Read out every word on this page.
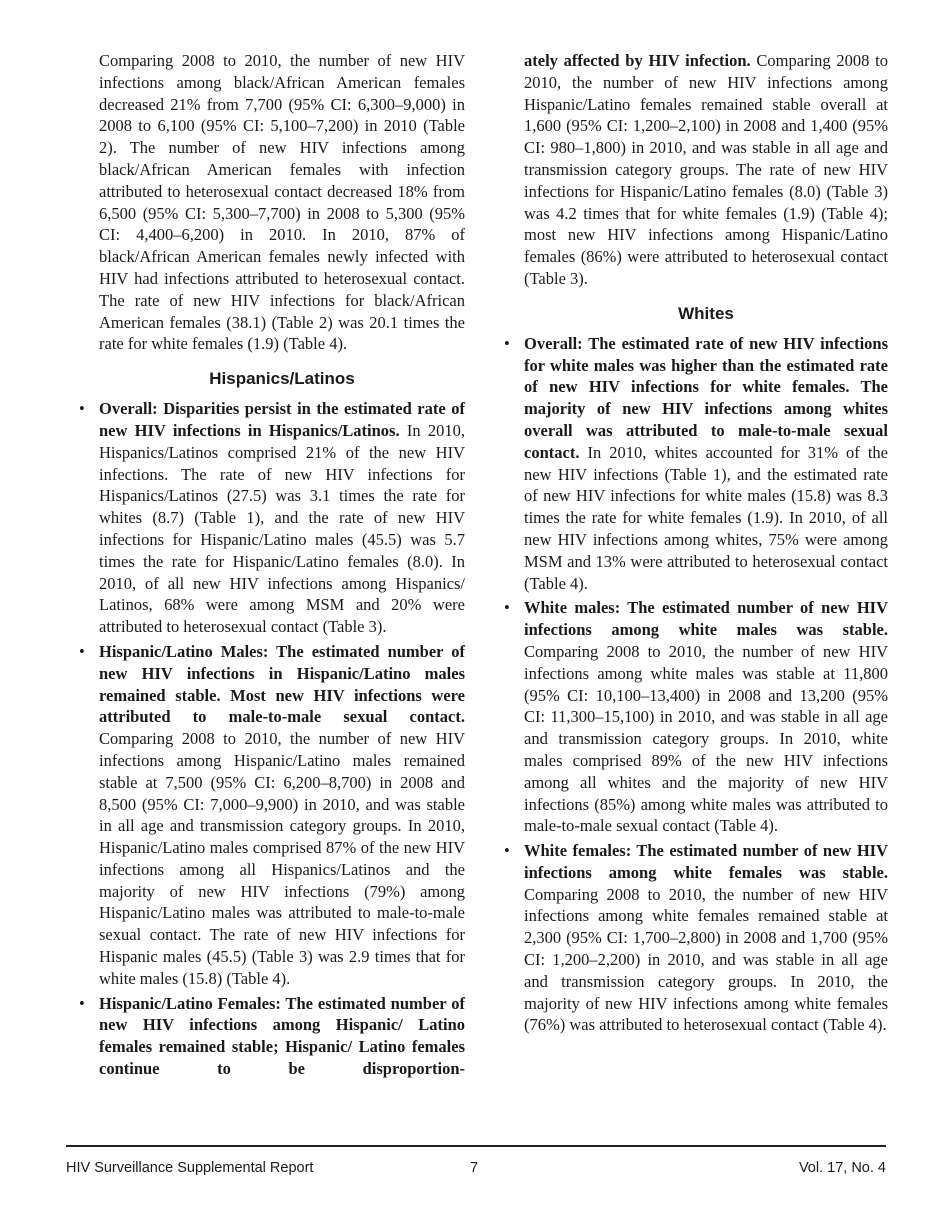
Comparing 2008 to 2010, the number of new HIV infections among black/African American females decreased 21% from 7,700 (95% CI: 6,300–9,000) in 2008 to 6,100 (95% CI: 5,100–7,200) in 2010 (Table 2). The number of new HIV infections among black/African American females with infection attributed to heterosexual contact decreased 18% from 6,500 (95% CI: 5,300–7,700) in 2008 to 5,300 (95% CI: 4,400–6,200) in 2010. In 2010, 87% of black/African American females newly infected with HIV had infections attributed to heterosexual contact. The rate of new HIV infections for black/African American females (38.1) (Table 2) was 20.1 times the rate for white females (1.9) (Table 4).

Hispanics/Latinos
• Overall: Disparities persist in the estimated rate of new HIV infections in Hispanics/Latinos. In 2010, Hispanics/Latinos comprised 21% of the new HIV infections. The rate of new HIV infections for Hispanics/Latinos (27.5) was 3.1 times the rate for whites (8.7) (Table 1), and the rate of new HIV infections for Hispanic/Latino males (45.5) was 5.7 times the rate for Hispanic/Latino females (8.0). In 2010, of all new HIV infections among Hispanics/ Latinos, 68% were among MSM and 20% were attributed to heterosexual contact (Table 3).
• Hispanic/Latino Males: The estimated number of new HIV infections in Hispanic/Latino males remained stable. Most new HIV infections were attributed to male-to-male sexual contact. Comparing 2008 to 2010, the number of new HIV infections among Hispanic/Latino males remained stable at 7,500 (95% CI: 6,200–8,700) in 2008 and 8,500 (95% CI: 7,000–9,900) in 2010, and was stable in all age and transmission category groups. In 2010, Hispanic/Latino males comprised 87% of the new HIV infections among all Hispanics/Latinos and the majority of new HIV infections (79%) among Hispanic/Latino males was attributed to male-to-male sexual contact. The rate of new HIV infections for Hispanic males (45.5) (Table 3) was 2.9 times that for white males (15.8) (Table 4).
• Hispanic/Latino Females: The estimated number of new HIV infections among Hispanic/ Latino females remained stable; Hispanic/ Latino females continue to be disproportion-

ately affected by HIV infection. Comparing 2008 to 2010, the number of new HIV infections among Hispanic/Latino females remained stable overall at 1,600 (95% CI: 1,200–2,100) in 2008 and 1,400 (95% CI: 980–1,800) in 2010, and was stable in all age and transmission category groups. The rate of new HIV infections for Hispanic/Latino females (8.0) (Table 3) was 4.2 times that for white females (1.9) (Table 4); most new HIV infections among Hispanic/Latino females (86%) were attributed to heterosexual contact (Table 3).

Whites
• Overall: The estimated rate of new HIV infections for white males was higher than the estimated rate of new HIV infections for white females. The majority of new HIV infections among whites overall was attributed to male-to-male sexual contact. In 2010, whites accounted for 31% of the new HIV infections (Table 1), and the estimated rate of new HIV infections for white males (15.8) was 8.3 times the rate for white females (1.9). In 2010, of all new HIV infections among whites, 75% were among MSM and 13% were attributed to heterosexual contact (Table 4).
• White males: The estimated number of new HIV infections among white males was stable. Comparing 2008 to 2010, the number of new HIV infections among white males was stable at 11,800 (95% CI: 10,100–13,400) in 2008 and 13,200 (95% CI: 11,300–15,100) in 2010, and was stable in all age and transmission category groups. In 2010, white males comprised 89% of the new HIV infections among all whites and the majority of new HIV infections (85%) among white males was attributed to male-to-male sexual contact (Table 4).
• White females: The estimated number of new HIV infections among white females was stable. Comparing 2008 to 2010, the number of new HIV infections among white females remained stable at 2,300 (95% CI: 1,700–2,800) in 2008 and 1,700 (95% CI: 1,200–2,200) in 2010, and was stable in all age and transmission category groups. In 2010, the majority of new HIV infections among white females (76%) was attributed to heterosexual contact (Table 4).
HIV Surveillance Supplemental Report	7	Vol. 17, No. 4
